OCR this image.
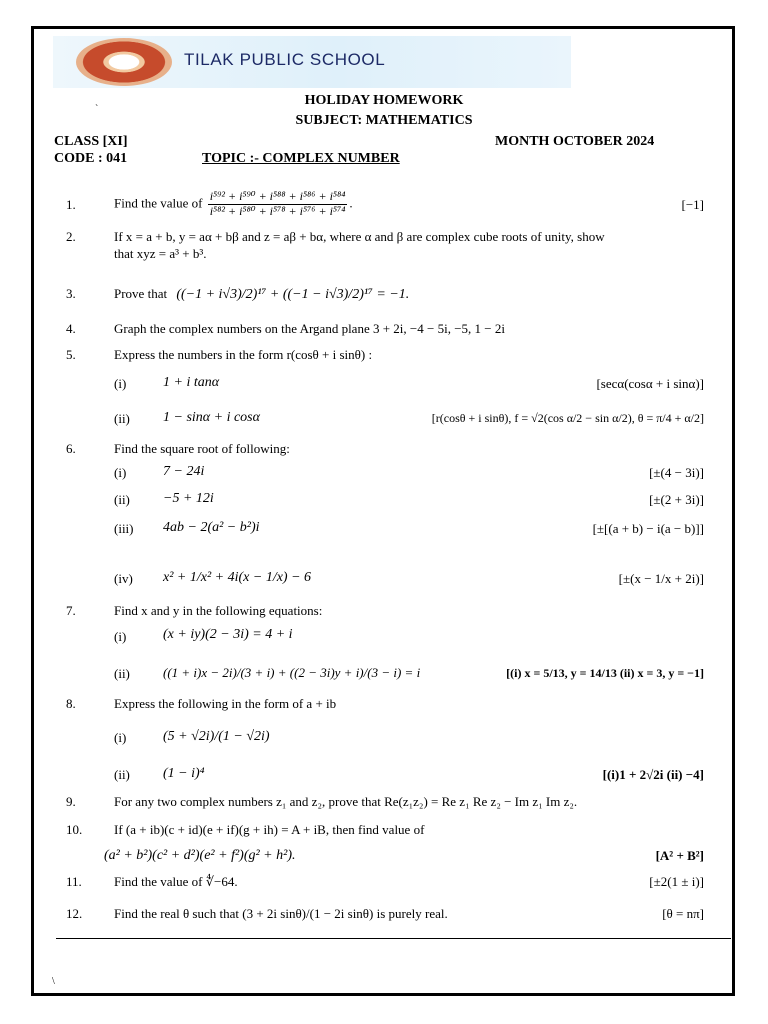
TILAK PUBLIC SCHOOL
HOLIDAY HOMEWORK
`
SUBJECT: MATHEMATICS
CLASS [XI]	MONTH OCTOBER 2024
CODE : 041	TOPIC :- COMPLEX NUMBER
1.	Find the value of $\frac{\text{i⁵⁹² + i⁵⁹⁰ + i⁵⁸⁸ + i⁵⁸⁶ + i⁵⁸⁴}}{\text{i⁵⁸² + i⁵⁸⁰ + i⁵⁷⁸ + i⁵⁷⁶ + i⁵⁷⁴}}$ .	[−1]
2.	If x = a + b, y = aα + bβ and z = aβ + bα, where α and β are complex cube roots of unity, show
that xyz = a³ + b³.
3.	Prove that ((−1 + i√3)/2)¹⁷ + ((−1 − i√3)/2)¹⁷ = −1.
4.	Graph the complex numbers on the Argand plane 3 + 2i, −4 − 5i, −5, 1 − 2i
5.	Express the numbers in the form r(cosθ + i sinθ) :
(i)	1 + i tanα	[secα(cosα + i sinα)]
(ii) 1 − sinα + i cosα	[r(cosθ + i sinθ), f = √2(cos α/2 − sin α/2), θ = π/4 + α/2]
6.	Find the square root of following:
(i)	7 − 24i	[±(4 − 3i)]
(ii) −5 + 12i	[±(2 + 3i)]
(iii) 4ab − 2(a² − b²)i	[±[(a + b) − i(a − b)]]
(iv) x² + 1/x² + 4i(x − 1/x) − 6	[±(x − 1/x + 2i)]
7.	Find x and y in the following equations:
(i)	(x + iy)(2 − 3i) = 4 + i
(ii)	((1 + i)x − 2i)/(3 + i) + ((2 − 3i)y + i)/(3 − i) = i	[(i) x = 5/13, y = 14/13 (ii) x = 3, y = −1]
8.	Express the following in the form of a + ib
(i)	(5 + √2i)/(1 − √2i)
(ii) (1 − i)⁴	[(i)1 + 2√2i (ii) −4]
9.	For any two complex numbers z₁ and z₂, prove that Re(z₁z₂) = Re z₁ Re z₂ − Im z₁ Im z₂.
10. If (a + ib)(c + id)(e + if)(g + ih) = A + iB, then find value of
(a² + b²)(c² + d²)(e² + f²)(g² + h²).	[A² + B²]
11. Find the value of ∜−64.	[±2(1 ± i)]
12. Find the real θ such that (3 + 2i sinθ)/(1 − 2i sinθ) is purely real.	[θ = nπ]
\
